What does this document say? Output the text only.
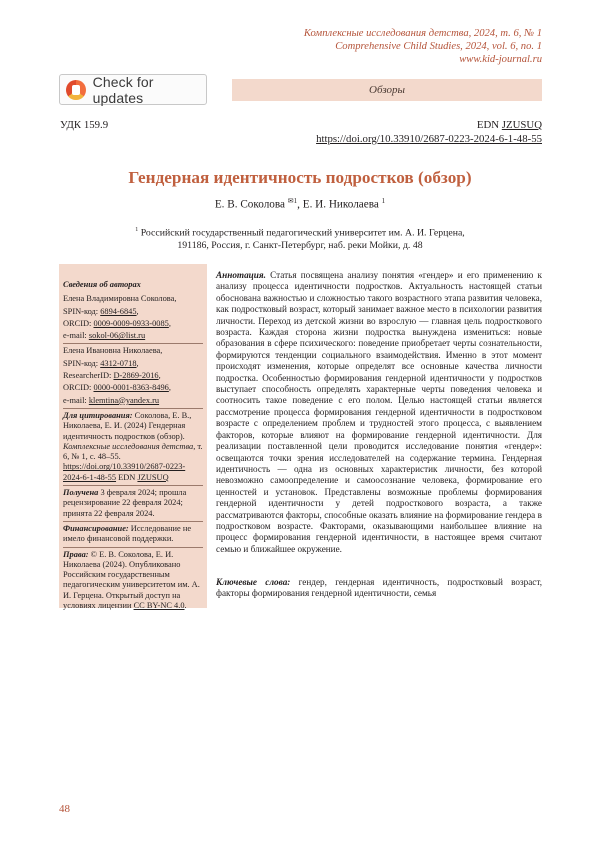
Комплексные исследования детства, 2024, т. 6, № 1
Comprehensive Child Studies, 2024, vol. 6, no. 1
www.kid-journal.ru
Check for updates	Обзоры
УДК 159.9	EDN JZUSUQ
https://doi.org/10.33910/2687-0223-2024-6-1-48-55
Гендерная идентичность подростков (обзор)
Е. В. Соколова $^{✉1}$, Е. И. Николаева $^1$
$^1$ Российский государственный педагогический университет им. А. И. Герцена,
191186, Россия, г. Санкт-Петербург, наб. реки Мойки, д. 48

Сведения об авторах

Елена Владимировна Соколова,

SPIN-код: 6894-6845,

ORCID: 0009-0009-0933-0085,

e-mail: sokol-06@list.ru

Елена Ивановна Николаева,

SPIN-код: 4312-0718,

ResearcherID: D-2869-2016,

ORCID: 0000-0001-8363-8496,

e-mail: klemtina@yandex.ru

Для цитирования: Соколова, Е. В., Николаева, Е. И. (2024) Гендерная идентичность подростков (обзор). Комплексные исследования детства, т. 6, № 1, с. 48–55. https://doi.org/10.33910/2687-0223-2024-6-1-48-55 EDN JZUSUQ

Получена 3 февраля 2024; прошла рецензирование 22 февраля 2024; принята 22 февраля 2024.

Финансирование: Исследование не имело финансовой поддержки.

Права: © Е. В. Соколова, Е. И. Николаева (2024). Опубликовано Российским государственным педагогическим университетом им. А. И. Герцена. Открытый доступ на условиях лицензии CC BY-NC 4.0.

Аннотация. Статья посвящена анализу понятия «гендер» и его применению к анализу процесса идентичности подростков. Актуальность настоящей статьи обоснована важностью и сложностью такого возрастного этапа развития человека, как подростковый возраст, который занимает важное место в психологии развития личности. Переход из детской жизни во взрослую — главная цель подросткового возраста. Каждая сторона жизни подростка вынуждена измениться: новые образования в сфере психического: поведение приобретает черты сознательности, формируются тенденции социального взаимодействия. Именно в этот момент происходят изменения, которые определят все основные качества личности подростка. Особенностью формирования гендерной идентичности у подростков выступает способность определять характерные черты поведения человека и соотносить такое поведение с его полом. Целью настоящей статьи является рассмотрение процесса формирования гендерной идентичности в подростковом возрасте с определением проблем и трудностей этого процесса, с выявлением факторов, которые влияют на формирование гендерной идентичности. Для реализации поставленной цели проводится исследование понятия «гендер»: освещаются точки зрения исследователей на содержание термина. Гендерная идентичность — одна из основных характеристик личности, без которой невозможно самоопределение и самоосознание человека, формирование его ценностей и установок. Представлены возможные проблемы формирования гендерной идентичности у детей подросткового возраста, а также рассматриваются факторы, способные оказать влияние на формирование гендера в подростковом возрасте. Факторами, оказывающими наибольшее влияние на процесс формирования гендерной идентичности, в настоящее время считают семью и ближайшее окружение.
Ключевые слова: гендер, гендерная идентичность, подростковый возраст, факторы формирования гендерной идентичности, семья
48
